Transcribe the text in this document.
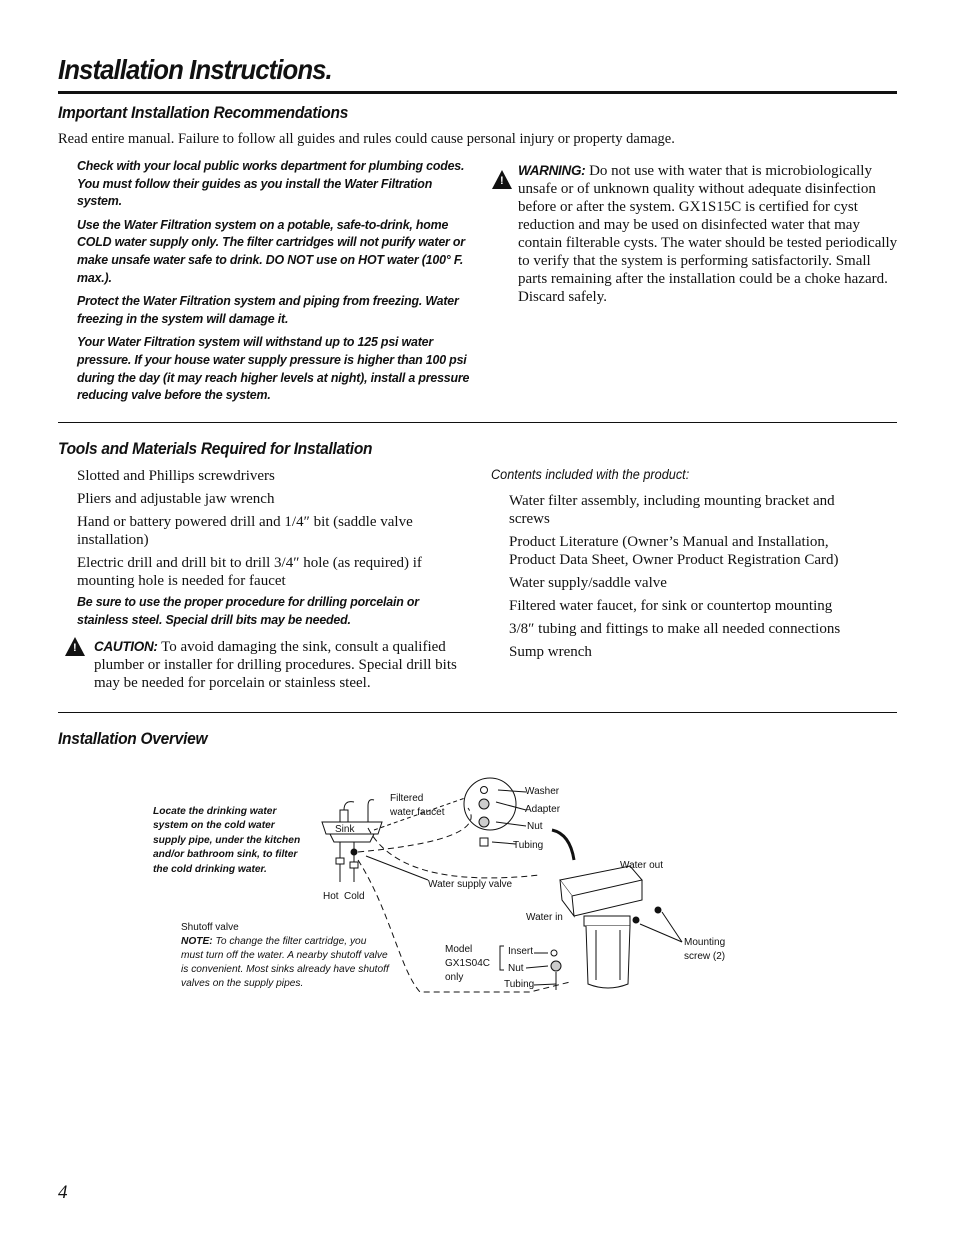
Installation Instructions.
Important Installation Recommendations
Read entire manual. Failure to follow all guides and rules could cause personal injury or property damage.
Check with your local public works department for plumbing codes. You must follow their guides as you install the Water Filtration system.
Use the Water Filtration system on a potable, safe-to-drink, home COLD water supply only. The filter cartridges will not purify water or make unsafe water safe to drink. DO NOT use on HOT water (100° F. max.).
Protect the Water Filtration system and piping from freezing. Water freezing in the system will damage it.
Your Water Filtration system will withstand up to 125 psi water pressure. If your house water supply pressure is higher than 100 psi during the day (it may reach higher levels at night), install a pressure reducing valve before the system.
!
WARNING: Do not use with water that is microbiologically unsafe or of unknown quality without adequate disinfection before or after the system. GX1S15C is certified for cyst reduction and may be used on disinfected water that may contain filterable cysts. The water should be tested periodically to verify that the system is performing satisfactorily. Small parts remaining after the installation could be a choke hazard. Discard safely.
Tools and Materials Required for Installation
Slotted and Phillips screwdrivers
Pliers and adjustable jaw wrench
Hand or battery powered drill and 1/4″ bit (saddle valve installation)
Electric drill and drill bit to drill 3/4″ hole (as required) if mounting hole is needed for faucet
Be sure to use the proper procedure for drilling porcelain or stainless steel. Special drill bits may be needed.
! CAUTION: To avoid damaging the sink, consult a qualified plumber or installer for drilling procedures. Special drill bits may be needed for porcelain or stainless steel.
Contents included with the product:
Water filter assembly, including mounting bracket and screws
Product Literature (Owner’s Manual and Installation, Product Data Sheet, Owner Product Registration Card)
Water supply/saddle valve
Filtered water faucet, for sink or countertop mounting
3/8″ tubing and fittings to make all needed connections
Sump wrench
Installation Overview
Locate the drinking water system on the cold water supply pipe, under the kitchen and/or bathroom sink, to filter the cold drinking water.
Filtered
water faucet
Sink
Hot Cold
Washer
Adapter
Nut
Tubing
Water out
Water supply valve
Water in
Mounting
screw (2)
Model
GX1S04C
only
Insert
Nut
Tubing
Shutoff valve
NOTE: To change the filter cartridge, you must turn off the water. A nearby shutoff valve is convenient. Most sinks already have shutoff valves on the supply pipes.
4
